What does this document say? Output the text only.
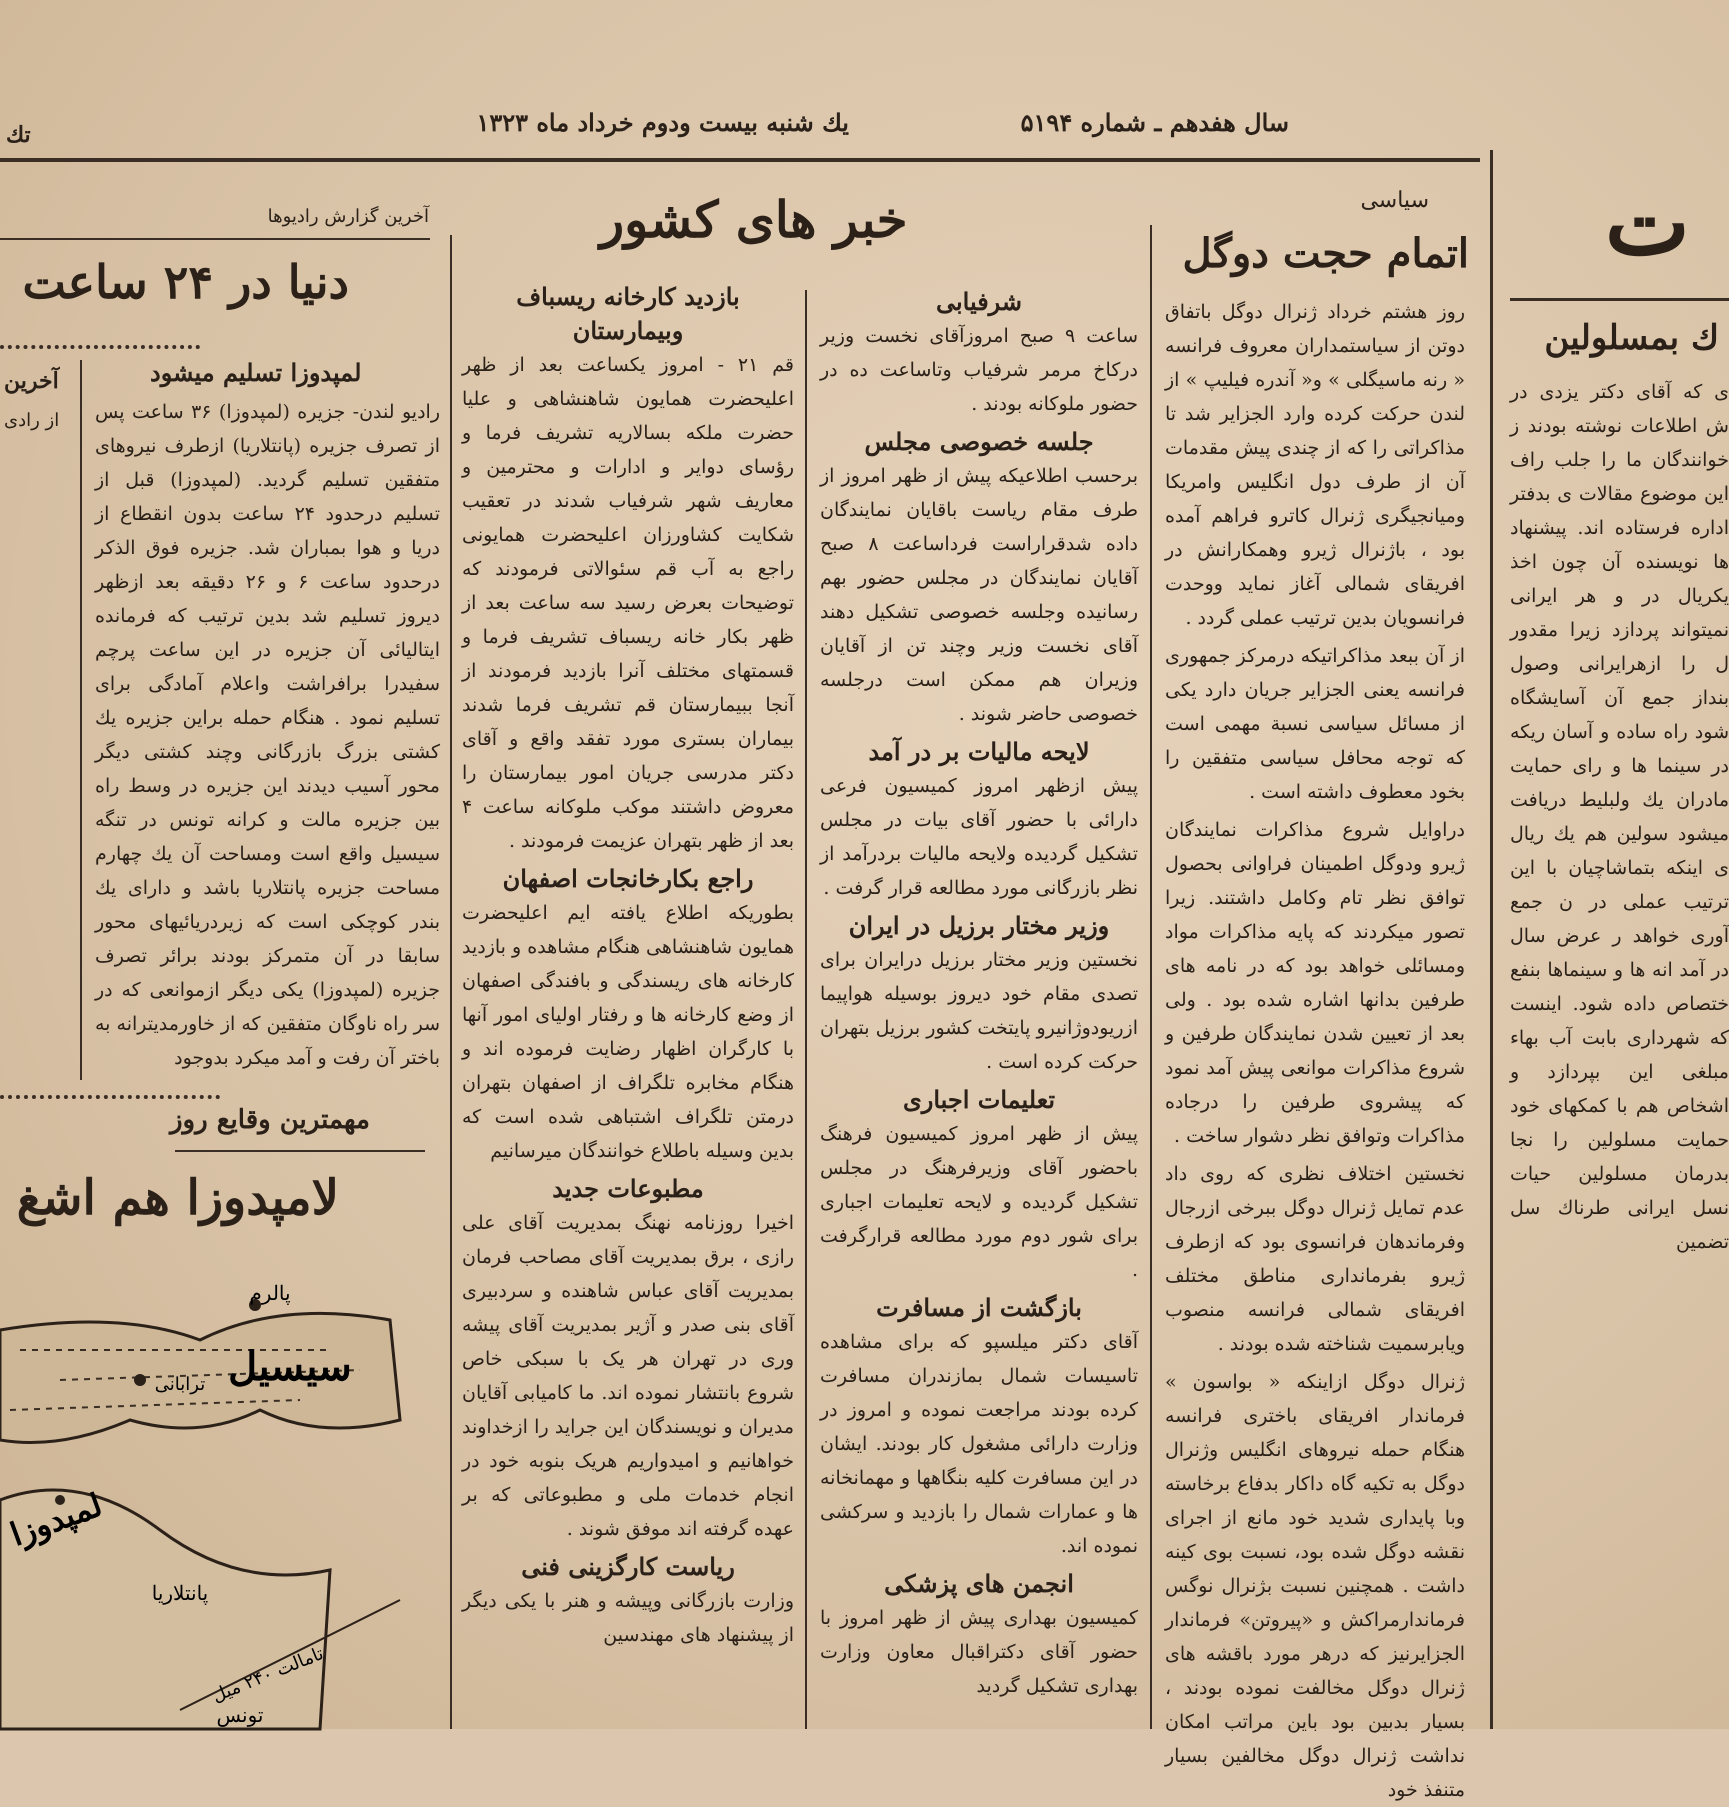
سال هفدهم ـ شماره ۵۱۹۴
یك شنبه بیست ودوم خرداد ماه ۱۳۲۳
تك
خبر های کشور	سیاسی
اتمام حجت دوگل

روز هشتم خرداد ژنرال دوگل باتفاق دوتن از سیاستمداران معروف فرانسه « رنه ماسیگلی » و« آندره فیلیپ » از لندن حرکت کرده وارد الجزایر شد تا مذاکراتی را که از چندی پیش مقدمات آن از طرف دول انگلیس وامریکا ومیانجیگری ژنرال کاترو فراهم آمده بود ، باژنرال ژیرو وهمکارانش در افریقای شمالی آغاز نماید ووحدت فرانسویان بدین ترتیب عملی گردد .

از آن ببعد مذاکراتیکه درمرکز جمهوری فرانسه یعنی الجزایر جریان دارد یکی از مسائل سیاسی نسبة مهمی است که توجه محافل سیاسی متفقین را بخود معطوف داشته است .

دراوایل شروع مذاکرات نمایندگان ژیرو ودوگل اطمینان فراوانی بحصول توافق نظر تام وکامل داشتند. زیرا تصور میکردند که پایه مذاکرات مواد ومسائلی خواهد بود که در نامه های طرفین بدانها اشاره شده بود . ولی بعد از تعیین شدن نمایندگان طرفین و شروع مذاکرات موانعی پیش آمد نمود که پیشروی طرفین را درجاده مذاکرات وتوافق نظر دشوار ساخت .

نخستین اختلاف نظری که روی داد عدم تمایل ژنرال دوگل ببرخی ازرجال وفرماندهان فرانسوی بود که ازطرف ژیرو بفرمانداری مناطق مختلف افریقای شمالی فرانسه منصوب ویابرسمیت شناخته شده بودند .

ژنرال دوگل ازاینکه « بواسون » فرماندار افریقای باختری فرانسه هنگام حمله نیروهای انگلیس وژنرال دوگل به تکیه گاه داکار بدفاع برخاسته وبا پایداری شدید خود مانع از اجرای نقشه دوگل شده بود، نسبت بوی کینه داشت . همچنین نسبت بژنرال نوگس فرماندارمراکش و «پیروتن» فرماندار الجزایرنیز که درهر مورد باقشه های ژنرال دوگل مخالفت نموده بودند ، بسیار بدبین بود باین مراتب امکان نداشت ژنرال دوگل مخالفین بسیار متنفذ خود

شرفیابی

ساعت ۹ صبح امروزآقای نخست وزیر درکاخ مرمر شرفیاب وتاساعت ده در حضور ملوکانه بودند .

جلسه خصوصی مجلس

برحسب اطلاعیکه پیش از ظهر امروز از طرف مقام ریاست باقایان نمایندگان داده شدقراراست فرداساعت ۸ صبح آقایان نمایندگان در مجلس حضور بهم رسانیده وجلسه خصوصی تشکیل دهند آقای نخست وزیر وچند تن از آقایان وزیران هم ممکن است درجلسه خصوصی حاضر شوند .

لایحه مالیات بر در آمد

پیش ازظهر امروز کمیسیون فرعی دارائی با حضور آقای بیات در مجلس تشکیل گردیده ولایحه مالیات بردرآمد از نظر بازرگانی مورد مطالعه قرار گرفت .

وزیر مختار برزیل در ایران

نخستین وزیر مختار برزیل درایران برای تصدی مقام خود دیروز بوسیله هواپیما ازریودوژانیرو پایتخت کشور برزیل بتهران حرکت کرده است .

تعلیمات اجباری

پیش از ظهر امروز کمیسیون فرهنگ باحضور آقای وزیرفرهنگ در مجلس تشکیل گردیده و لایحه تعلیمات اجباری برای شور دوم مورد مطالعه قرارگرفت .

بازگشت از مسافرت

آقای دکتر میلسپو که برای مشاهده تاسیسات شمال بمازندران مسافرت کرده بودند مراجعت نموده و امروز در وزارت دارائی مشغول کار بودند. ایشان در این مسافرت کلیه بنگاهها و مهمانخانه ها و عمارات شمال را بازدید و سرکشی نموده اند.

انجمن های پزشکی

کمیسیون بهداری پیش از ظهر امروز با حضور آقای دکتراقبال معاون وزارت بهداری تشکیل گردید

بازدید کارخانه ریسباف وبیمارستان

قم ۲۱ - امروز یکساعت بعد از ظهر اعلیحضرت همایون شاهنشاهی و علیا حضرت ملکه بسالاریه تشریف فرما و رؤسای دوایر و ادارات و محترمین و معاریف شهر شرفیاب شدند در تعقیب شکایت کشاورزان اعلیحضرت همایونی راجع به آب قم سئوالاتی فرمودند که توضیحات بعرض رسید سه ساعت بعد از ظهر بکار خانه ریسباف تشریف فرما و قسمتهای مختلف آنرا بازدید فرمودند از آنجا ببیمارستان قم تشریف فرما شدند بیماران بستری مورد تفقد واقع و آقای دکتر مدرسی جریان امور بیمارستان را معروض داشتند موکب ملوکانه ساعت ۴ بعد از ظهر بتهران عزیمت فرمودند .

راجع بکارخانجات اصفهان

بطوریکه اطلاع یافته ایم اعلیحضرت همایون شاهنشاهی هنگام مشاهده و بازدید کارخانه های ریسندگی و بافندگی اصفهان از وضع کارخانه ها و رفتار اولیای امور آنها با کارگران اظهار رضایت فرموده اند و هنگام مخابره تلگراف از اصفهان بتهران درمتن تلگراف اشتباهی شده است که بدین وسیله باطلاع خوانندگان میرسانیم

مطبوعات جدید

اخیرا روزنامه نهنگ بمدیریت آقای علی رازی ، برق بمدیریت آقای مصاحب فرمان بمدیریت آقای عباس شاهنده و سردبیری آقای بنی صدر و آژیر بمدیریت آقای پیشه وری در تهران هر یک با سبکی خاص شروع بانتشار نموده اند. ما کامیابی آقایان مدیران و نویسندگان این جراید را ازخداوند خواهانیم و امیدواریم هریک بنوبه خود در انجام خدمات ملی و مطبوعاتی که بر عهده گرفته اند موفق شوند .

ریاست کارگزینی فنی

وزارت بازرگانی وپیشه و هنر با یکی دیگر از پیشنهاد های مهندسین

آخرین گزارش رادیوها
دنیا در ۲۴ ساعت
لمپدوزا تسلیم میشود

رادیو لندن- جزیره (لمپدوزا) ۳۶ ساعت پس از تصرف جزیره (پانتلاریا) ازطرف نیروهای متفقین تسلیم گردید. (لمپدوزا) قبل از تسلیم درحدود ۲۴ ساعت بدون انقطاع از دریا و هوا بمباران شد. جزیره فوق الذکر درحدود ساعت ۶ و ۲۶ دقیقه بعد ازظهر دیروز تسلیم شد بدین ترتیب که فرمانده ایتالیائی آن جزیره در این ساعت پرچم سفیدرا برافراشت واعلام آمادگی برای تسلیم نمود . هنگام حمله براین جزیره یك کشتی بزرگ بازرگانی وچند کشتی دیگر محور آسیب دیدند این جزیره در وسط راه بین جزیره مالت و کرانه تونس در تنگه سیسیل واقع است ومساحت آن یك چهارم مساحت جزیره پانتلاریا باشد و دارای یك بندر کوچکی است که زیردریائیهای محور سابقا در آن متمرکز بودند برائر تصرف جزیره (لمپدوزا) یکی دیگر ازموانعی که در سر راه ناوگان متفقین که از خاورمدیترانه به باختر آن رفت و آمد میکرد بدوجود

آخرین
از رادی
مهمترین وقایع روز
لامپدوزا هم اشغ
سیسیل
پالرم
ترابانی
پانتلاریا
تامالت ۲۴۰ میل
لمپدوزا
تونس
ت
ك بمسلولین

ی که آقای دکتر یزدی در ش اطلاعات نوشته بودند ز خوانندگان ما را جلب راف این موضوع مقالات ی بدفتر اداره فرستاده اند. پیشنهاد ها نویسنده آن چون اخذ یکریال در و هر ایرانی نمیتواند پردازد زیرا مقدور ل را ازهرایرانی وصول بنداز جمع آن آسایشگاه شود راه ساده و آسان ریکه در سینما ها و رای حمایت مادران یك ولبلیط دریافت میشود سولین هم یك ریال ی اینکه بتماشاچیان با این ترتیب عملی در ن جمع آوری خواهد ر عرض سال در آمد انه ها و سینماها بنفع ختصاص داده شود. اینست که شهرداری بابت آب بهاء مبلغی این بپردازد و اشخاص هم با کمکهای خود حمایت مسلولین را نجا بدرمان مسلولین حیات نسل ایرانی طرناك سل تضمین
